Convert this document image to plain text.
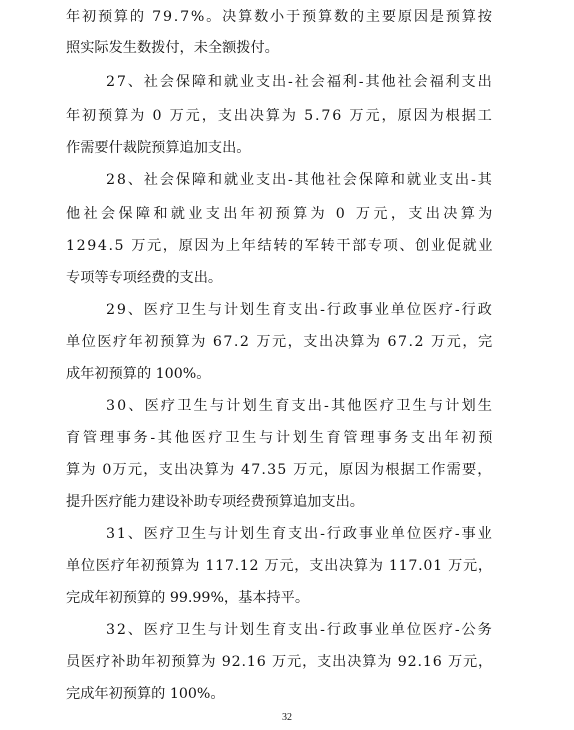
年初预算的 79.7%。决算数小于预算数的主要原因是预算按
照实际发生数拨付，未全额拨付。
27、社会保障和就业支出-社会福利-其他社会福利支出
年初预算为 0 万元，支出决算为 5.76 万元，原因为根据工
作需要什裁院预算追加支出。
28、社会保障和就业支出-其他社会保障和就业支出-其
他社会保障和就业支出年初预算为 0 万元，支出决算为
1294.5 万元，原因为上年结转的军转干部专项、创业促就业
专项等专项经费的支出。
29、医疗卫生与计划生育支出-行政事业单位医疗-行政
单位医疗年初预算为 67.2 万元，支出决算为 67.2 万元，完
成年初预算的 100%。
30、医疗卫生与计划生育支出-其他医疗卫生与计划生
育管理事务-其他医疗卫生与计划生育管理事务支出年初预
算为 0万元，支出决算为 47.35 万元，原因为根据工作需要，
提升医疗能力建设补助专项经费预算追加支出。
31、医疗卫生与计划生育支出-行政事业单位医疗-事业
单位医疗年初预算为 117.12 万元，支出决算为 117.01 万元，
完成年初预算的 99.99%，基本持平。
32、医疗卫生与计划生育支出-行政事业单位医疗-公务
员医疗补助年初预算为 92.16 万元，支出决算为 92.16 万元，
完成年初预算的 100%。
32
